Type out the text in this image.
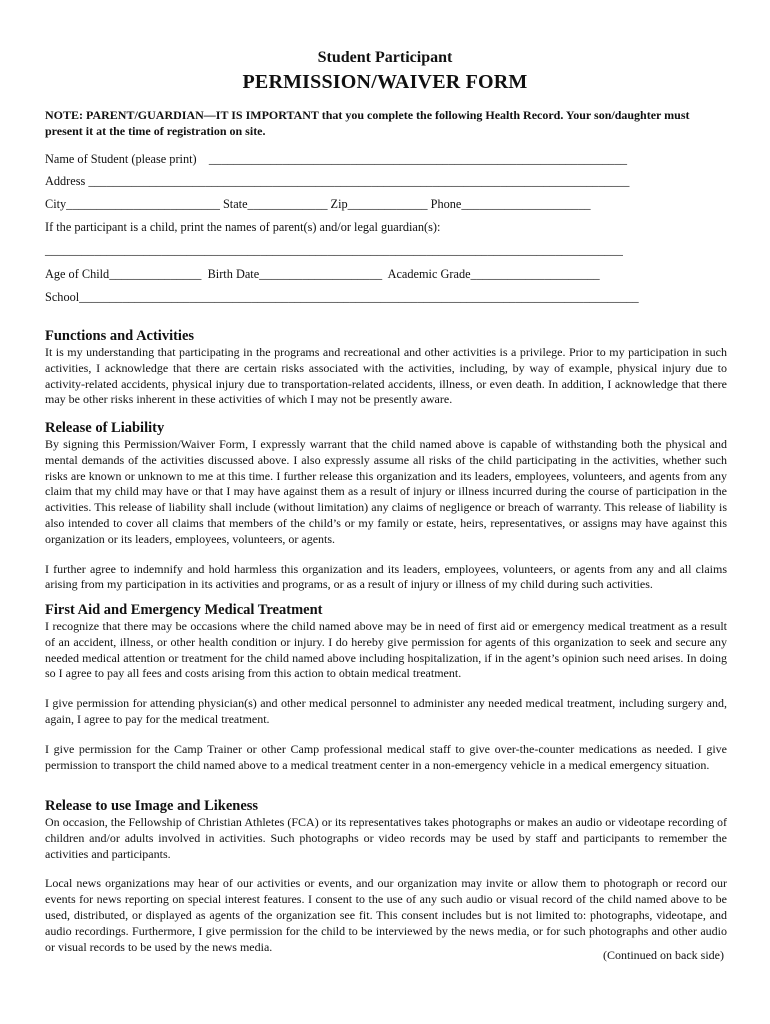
Student Participant
PERMISSION/WAIVER FORM
NOTE: PARENT/GUARDIAN—IT IS IMPORTANT that you complete the following Health Record. Your son/daughter must present it at the time of registration on site.
Name of Student (please print)    ____________________________________________________________________
Address ________________________________________________________________________________________
City_________________________ State_____________ Zip_____________ Phone_____________________
If the participant is a child, print the names of parent(s) and/or legal guardian(s):
______________________________________________________________________________________________
Age of Child_______________  Birth Date____________________  Academic Grade_____________________
School___________________________________________________________________________________________
Functions and Activities

It is my understanding that participating in the programs and recreational and other activities is a privilege. Prior to my participation in such activities, I acknowledge that there are certain risks associated with the activities, including, by way of example, physical injury due to activity-related accidents, physical injury due to transportation-related accidents, illness, or even death. In addition, I acknowledge that there may be other risks inherent in these activities of which I may not be presently aware.

Release of Liability

By signing this Permission/Waiver Form, I expressly warrant that the child named above is capable of withstanding both the physical and mental demands of the activities discussed above. I also expressly assume all risks of the child participating in the activities, whether such risks are known or unknown to me at this time. I further release this organization and its leaders, employees, volunteers, and agents from any claim that my child may have or that I may have against them as a result of injury or illness incurred during the course of participation in the activities. This release of liability shall include (without limitation) any claims of negligence or breach of warranty. This release of liability is also intended to cover all claims that members of the child’s or my family or estate, heirs, representatives, or assigns may have against this organization or its leaders, employees, volunteers, or agents.

I further agree to indemnify and hold harmless this organization and its leaders, employees, volunteers, or agents from any and all claims arising from my participation in its activities and programs, or as a result of injury or illness of my child during such activities.

First Aid and Emergency Medical Treatment

I recognize that there may be occasions where the child named above may be in need of first aid or emergency medical treatment as a result of an accident, illness, or other health condition or injury. I do hereby give permission for agents of this organization to seek and secure any needed medical attention or treatment for the child named above including hospitalization, if in the agent’s opinion such need arises. In doing so I agree to pay all fees and costs arising from this action to obtain medical treatment.

I give permission for attending physician(s) and other medical personnel to administer any needed medical treatment, including surgery and, again, I agree to pay for the medical treatment.

I give permission for the Camp Trainer or other Camp professional medical staff to give over-the-counter medications as needed. I give permission to transport the child named above to a medical treatment center in a non-emergency vehicle in a medical emergency situation.

Release to use Image and Likeness

On occasion, the Fellowship of Christian Athletes (FCA) or its representatives takes photographs or makes an audio or videotape recording of children and/or adults involved in activities. Such photographs or video records may be used by staff and participants to remember the activities and participants.

Local news organizations may hear of our activities or events, and our organization may invite or allow them to photograph or record our events for news reporting on special interest features. I consent to the use of any such audio or visual record of the child named above to be used, distributed, or displayed as agents of the organization see fit. This consent includes but is not limited to: photographs, videotape, and audio recordings. Furthermore, I give permission for the child to be interviewed by the news media, or for such photographs and other audio or visual records to be used by the news media.

(Continued on back side)
